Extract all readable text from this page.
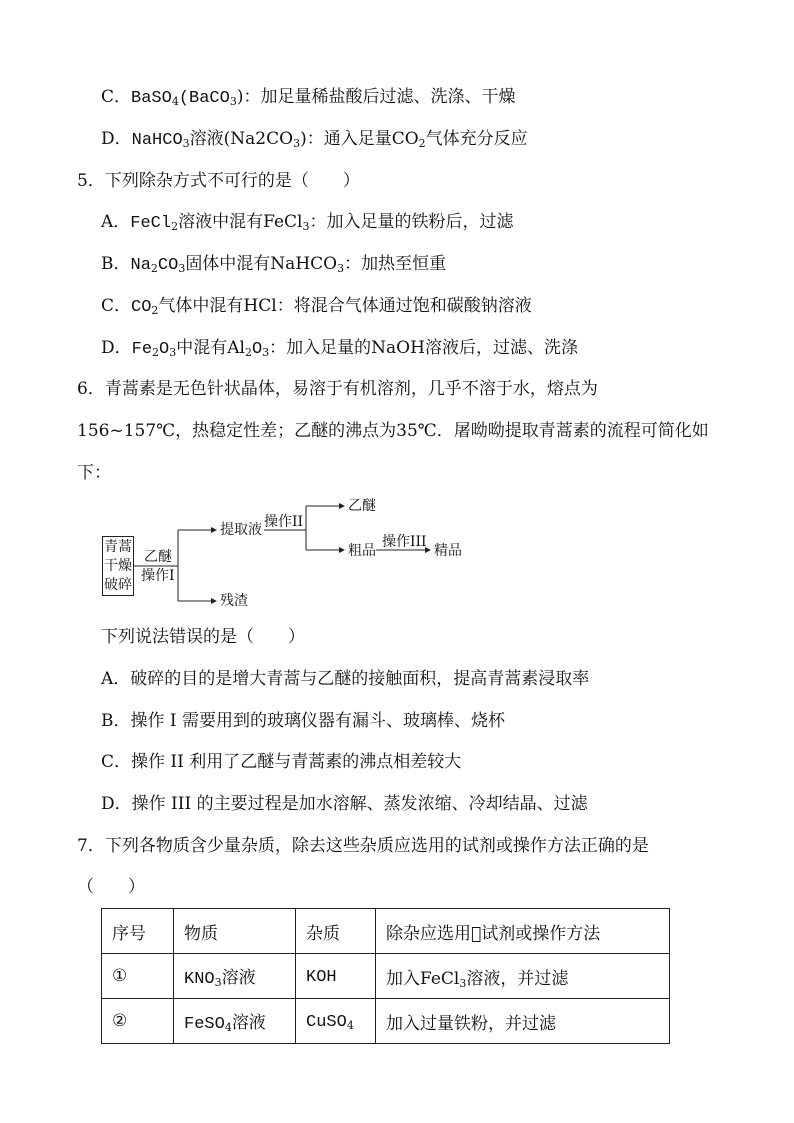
C．BaSO$_4$(BaCO$_3$)：加足量稀盐酸后过滤、洗涤、干燥
D．NaHCO$_3$溶液$(Na2CO_3)$：通入足量$CO_2$气体充分反应
5．下列除杂方式不可行的是（　　）
A．FeCl$_2$溶液中混有FeCl$_3$：加入足量的铁粉后，过滤
B．$Na_2CO_3$固体中混有NaHCO$_3$：加热至恒重
C．$CO_2$气体中混有HCl：将混合气体通过饱和碳酸钠溶液
D．$Fe_2O_3$中混有$Al_2O_3$：加入足量的NaOH溶液后，过滤、洗涤
6．青蒿素是无色针状晶体，易溶于有机溶剂，几乎不溶于水，熔点为
156~157℃，热稳定性差；乙醚的沸点为35℃．屠呦呦提取青蒿素的流程可简化如
下：
青蒿
干燥
破碎
乙醚
操作I
提取液
残渣
操作II
乙醚
粗品
操作III
精品
下列说法错误的是（　　）
A．破碎的目的是增大青蒿与乙醚的接触面积，提高青蒿素浸取率
B．操作 I 需要用到的玻璃仪器有漏斗、玻璃棒、烧杯
C．操作 II 利用了乙醚与青蒿素的沸点相差较大
D．操作 III 的主要过程是加水溶解、蒸发浓缩、冷却结晶、过滤
7．下列各物质含少量杂质，除去这些杂质应选用的试剂或操作方法正确的是
（　　）
序号	物质	杂质	除杂应选用￿试剂或操作方法
①	$KNO_3$溶液	KOH	加入FeCl$_3$溶液，并过滤
②	FeSO$_4$溶液	CuSO$_4$	加入过量铁粉，并过滤
